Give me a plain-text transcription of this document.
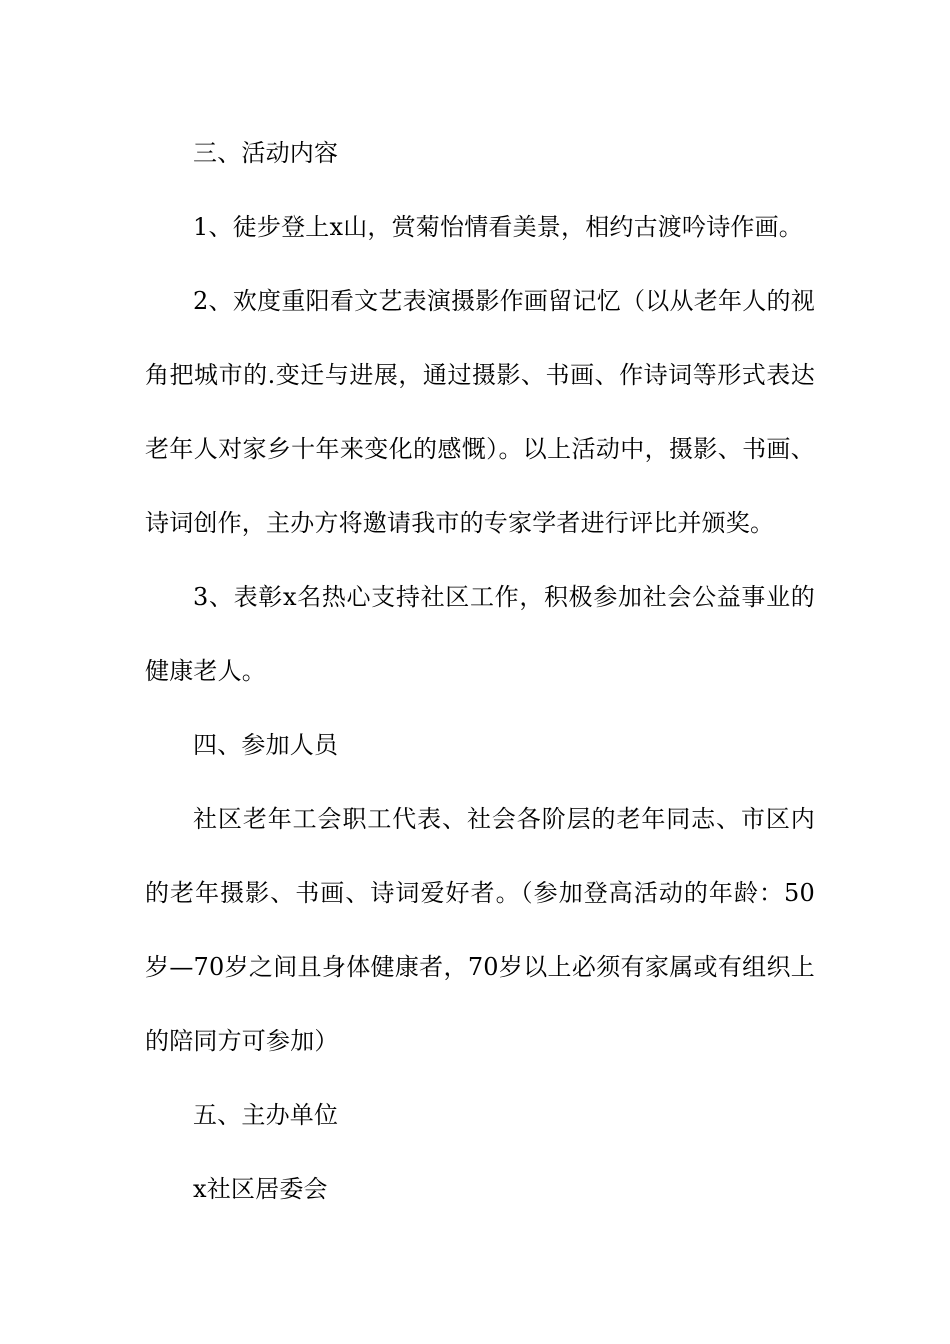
三、活动内容

1、徒步登上x山，赏菊怡情看美景，相约古渡吟诗作画。

2、欢度重阳看文艺表演摄影作画留记忆（以从老年人的视角把城市的.变迁与进展，通过摄影、书画、作诗词等形式表达老年人对家乡十年来变化的感慨）。以上活动中，摄影、书画、诗词创作，主办方将邀请我市的专家学者进行评比并颁奖。

3、表彰x名热心支持社区工作，积极参加社会公益事业的健康老人。

四、参加人员

社区老年工会职工代表、社会各阶层的老年同志、市区内的老年摄影、书画、诗词爱好者。（参加登高活动的年龄：50岁—70岁之间且身体健康者，70岁以上必须有家属或有组织上的陪同方可参加）

五、主办单位

x社区居委会
